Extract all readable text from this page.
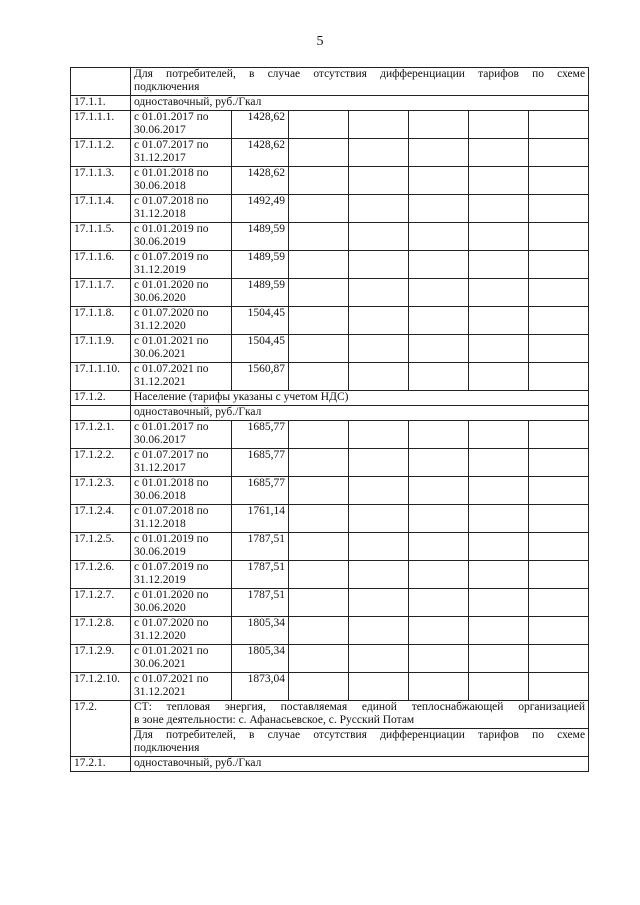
5
	Для потребителей, в случае отсутствия дифференциации тарифов по схеме
подключения						

17.1.1.	одноставочный, руб./Гкал						
17.1.1.1.	с 01.01.2017 по
30.06.2017	1428,62					
17.1.1.2.	с 01.07.2017 по
31.12.2017	1428,62					
17.1.1.3.	с 01.01.2018 по
30.06.2018	1428,62					
17.1.1.4.	с 01.07.2018 по
31.12.2018	1492,49					
17.1.1.5.	с 01.01.2019 по
30.06.2019	1489,59					
17.1.1.6.	с 01.07.2019 по
31.12.2019	1489,59					
17.1.1.7.	с 01.01.2020 по
30.06.2020	1489,59					
17.1.1.8.	с 01.07.2020 по
31.12.2020	1504,45					
17.1.1.9.	с 01.01.2021 по
30.06.2021	1504,45					
17.1.1.10.	с 01.07.2021 по
31.12.2021	1560,87					
17.1.2.	Население (тарифы указаны с учетом НДС)						
	одноставочный, руб./Гкал						
17.1.2.1.	с 01.01.2017 по
30.06.2017	1685,77					
17.1.2.2.	с 01.07.2017 по
31.12.2017	1685,77					
17.1.2.3.	с 01.01.2018 по
30.06.2018	1685,77					
17.1.2.4.	с 01.07.2018 по
31.12.2018	1761,14					
17.1.2.5.	с 01.01.2019 по
30.06.2019	1787,51					
17.1.2.6.	с 01.07.2019 по
31.12.2019	1787,51					
17.1.2.7.	с 01.01.2020 по
30.06.2020	1787,51					
17.1.2.8.	с 01.07.2020 по
31.12.2020	1805,34					
17.1.2.9.	с 01.01.2021 по
30.06.2021	1805,34					
17.1.2.10.	с 01.07.2021 по
31.12.2021	1873,04					
17.2.	СТ: тепловая энергия, поставляемая единой теплоснабжающей организацией
в зоне деятельности: с. Афанасьевское, с. Русский Потам						

	Для потребителей, в случае отсутствия дифференциации тарифов по схеме
подключения						

17.2.1.	одноставочный, руб./Гкал						
